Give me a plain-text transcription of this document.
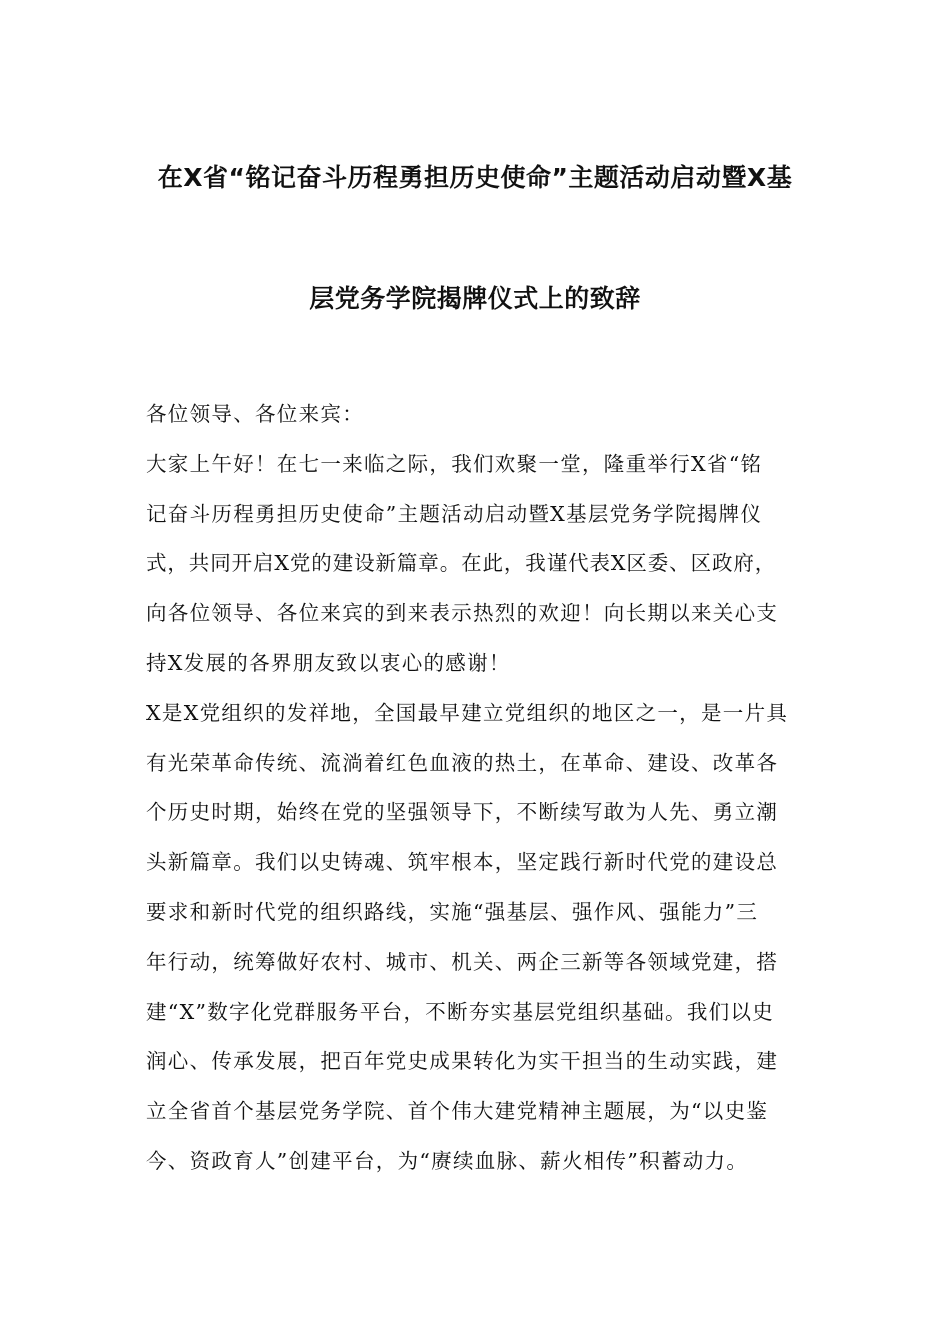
在X省“铭记奋斗历程勇担历史使命”主题活动启动暨X基
层党务学院揭牌仪式上的致辞
各位领导、各位来宾：
大家上午好！在七一来临之际，我们欢聚一堂，隆重举行X省“铭
记奋斗历程勇担历史使命”主题活动启动暨X基层党务学院揭牌仪
式，共同开启X党的建设新篇章。在此，我谨代表X区委、区政府，
向各位领导、各位来宾的到来表示热烈的欢迎！向长期以来关心支
持X发展的各界朋友致以衷心的感谢！
X是X党组织的发祥地，全国最早建立党组织的地区之一，是一片具
有光荣革命传统、流淌着红色血液的热土，在革命、建设、改革各
个历史时期，始终在党的坚强领导下，不断续写敢为人先、勇立潮
头新篇章。我们以史铸魂、筑牢根本，坚定践行新时代党的建设总
要求和新时代党的组织路线，实施“强基层、强作风、强能力”三
年行动，统筹做好农村、城市、机关、两企三新等各领域党建，搭
建“X”数字化党群服务平台，不断夯实基层党组织基础。我们以史
润心、传承发展，把百年党史成果转化为实干担当的生动实践，建
立全省首个基层党务学院、首个伟大建党精神主题展，为“以史鉴
今、资政育人”创建平台，为“赓续血脉、薪火相传”积蓄动力。
